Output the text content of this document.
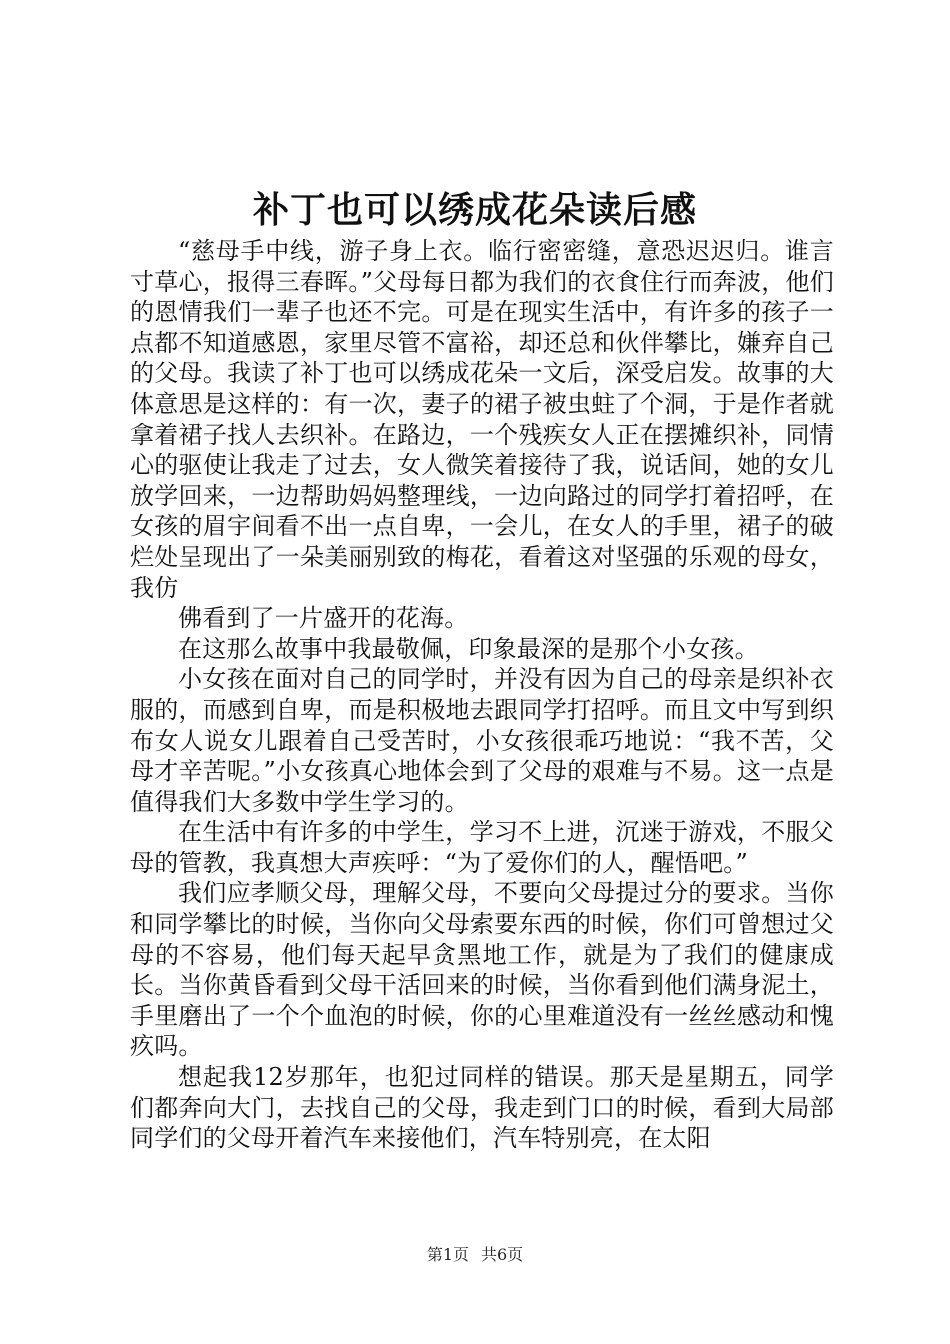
补丁也可以绣成花朵读后感

“慈母手中线，游子身上衣。临行密密缝，意恐迟迟归。谁言寸草心，报得三春晖。”父母每日都为我们的衣食住行而奔波，他们的恩情我们一辈子也还不完。可是在现实生活中，有许多的孩子一点都不知道感恩，家里尽管不富裕，却还总和伙伴攀比，嫌弃自己的父母。我读了补丁也可以绣成花朵一文后，深受启发。故事的大体意思是这样的：有一次，妻子的裙子被虫蛀了个洞，于是作者就拿着裙子找人去织补。在路边，一个残疾女人正在摆摊织补，同情心的驱使让我走了过去，女人微笑着接待了我，说话间，她的女儿放学回来，一边帮助妈妈整理线，一边向路过的同学打着招呼，在女孩的眉宇间看不出一点自卑，一会儿，在女人的手里，裙子的破烂处呈现出了一朵美丽别致的梅花，看着这对坚强的乐观的母女，我仿

佛看到了一片盛开的花海。

在这那么故事中我最敬佩，印象最深的是那个小女孩。

小女孩在面对自己的同学时，并没有因为自己的母亲是织补衣服的，而感到自卑，而是积极地去跟同学打招呼。而且文中写到织布女人说女儿跟着自己受苦时，小女孩很乖巧地说：“我不苦，父母才辛苦呢。”小女孩真心地体会到了父母的艰难与不易。这一点是值得我们大多数中学生学习的。

在生活中有许多的中学生，学习不上进，沉迷于游戏，不服父母的管教，我真想大声疾呼：“为了爱你们的人，醒悟吧。”

我们应孝顺父母，理解父母，不要向父母提过分的要求。当你和同学攀比的时候，当你向父母索要东西的时候，你们可曾想过父母的不容易，他们每天起早贪黑地工作，就是为了我们的健康成长。当你黄昏看到父母干活回来的时候，当你看到他们满身泥土，手里磨出了一个个血泡的时候，你的心里难道没有一丝丝感动和愧疚吗。

想起我12岁那年，也犯过同样的错误。那天是星期五，同学们都奔向大门，去找自己的父母，我走到门口的时候，看到大局部同学们的父母开着汽车来接他们，汽车特别亮，在太阳

第1页 共6页
